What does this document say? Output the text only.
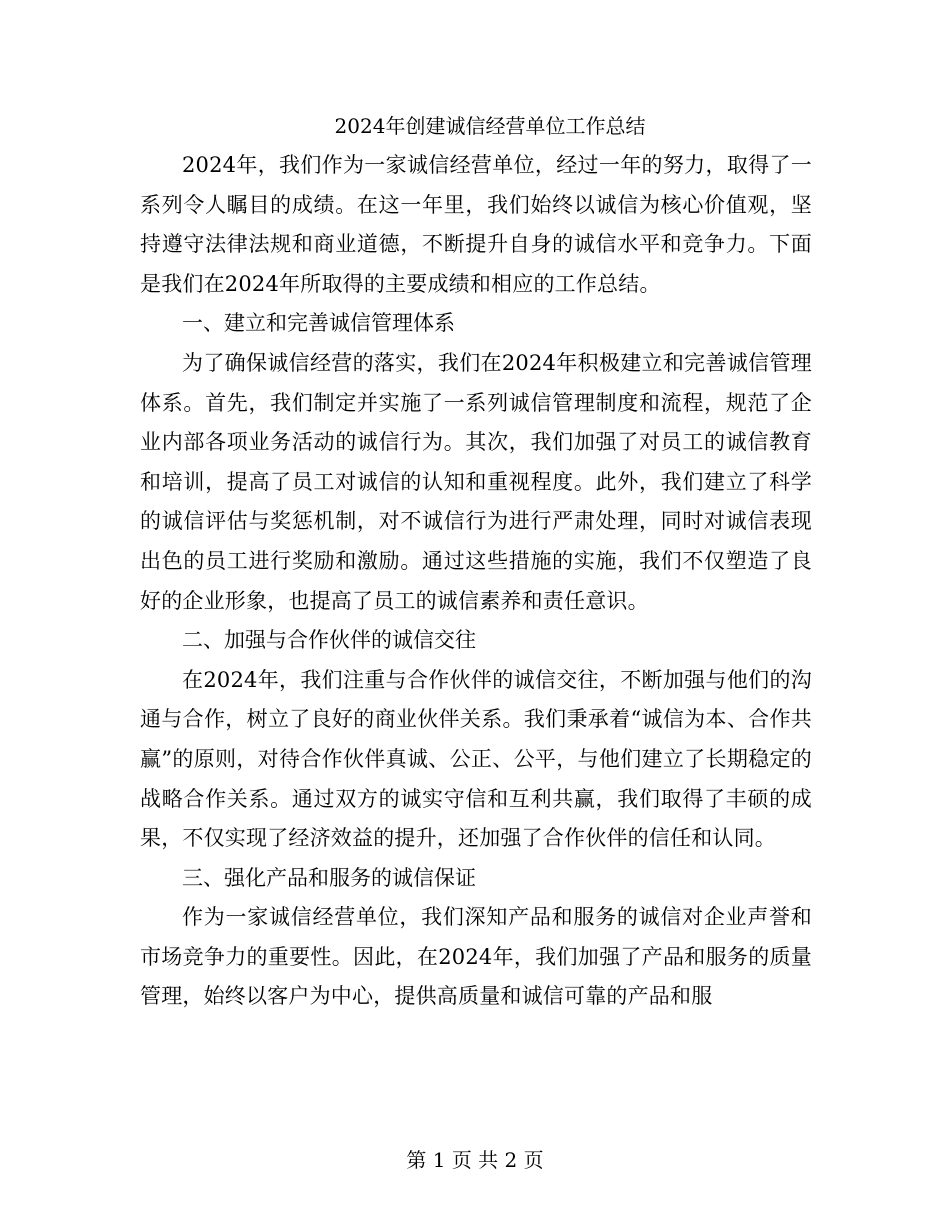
2024年创建诚信经营单位工作总结

2024年，我们作为一家诚信经营单位，经过一年的努力，取得了一系列令人瞩目的成绩。在这一年里，我们始终以诚信为核心价值观，坚持遵守法律法规和商业道德，不断提升自身的诚信水平和竞争力。下面是我们在2024年所取得的主要成绩和相应的工作总结。

一、建立和完善诚信管理体系

为了确保诚信经营的落实，我们在2024年积极建立和完善诚信管理体系。首先，我们制定并实施了一系列诚信管理制度和流程，规范了企业内部各项业务活动的诚信行为。其次，我们加强了对员工的诚信教育和培训，提高了员工对诚信的认知和重视程度。此外，我们建立了科学的诚信评估与奖惩机制，对不诚信行为进行严肃处理，同时对诚信表现出色的员工进行奖励和激励。通过这些措施的实施，我们不仅塑造了良好的企业形象，也提高了员工的诚信素养和责任意识。

二、加强与合作伙伴的诚信交往

在2024年，我们注重与合作伙伴的诚信交往，不断加强与他们的沟通与合作，树立了良好的商业伙伴关系。我们秉承着“诚信为本、合作共赢”的原则，对待合作伙伴真诚、公正、公平，与他们建立了长期稳定的战略合作关系。通过双方的诚实守信和互利共赢，我们取得了丰硕的成果，不仅实现了经济效益的提升，还加强了合作伙伴的信任和认同。

三、强化产品和服务的诚信保证

作为一家诚信经营单位，我们深知产品和服务的诚信对企业声誉和市场竞争力的重要性。因此，在2024年，我们加强了产品和服务的质量管理，始终以客户为中心，提供高质量和诚信可靠的产品和服

第 1 页 共 2 页
